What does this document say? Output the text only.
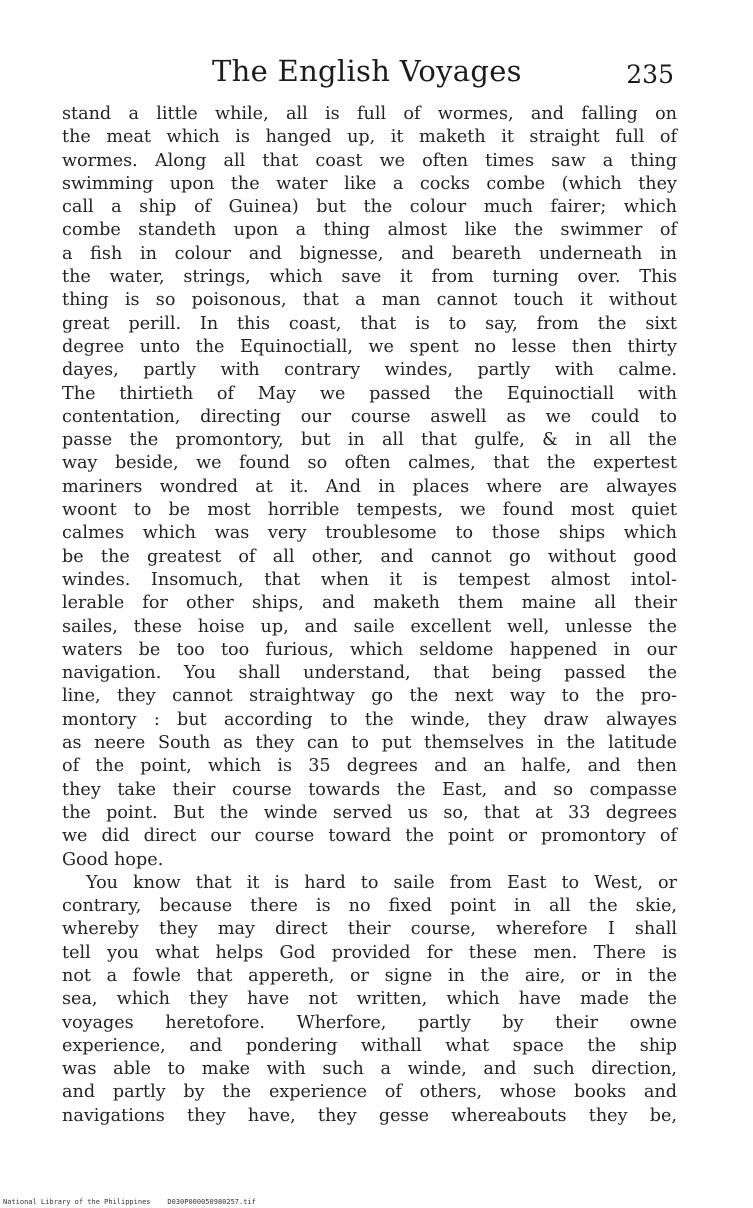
The English Voyages	235
stand a little while, all is full of wormes, and falling on
the meat which is hanged up, it maketh it straight full of
wormes. Along all that coast we often times saw a thing
swimming upon the water like a cocks combe (which they
call a ship of Guinea) but the colour much fairer; which
combe standeth upon a thing almost like the swimmer of
a fish in colour and bignesse, and beareth underneath in
the water, strings, which save it from turning over. This
thing is so poisonous, that a man cannot touch it without
great perill. In this coast, that is to say, from the sixt
degree unto the Equinoctiall, we spent no lesse then thirty
dayes, partly with contrary windes, partly with calme.
The thirtieth of May we passed the Equinoctiall with
contentation, directing our course aswell as we could to
passe the promontory, but in all that gulfe, & in all the
way beside, we found so often calmes, that the expertest
mariners wondred at it. And in places where are alwayes
woont to be most horrible tempests, we found most quiet
calmes which was very troublesome to those ships which
be the greatest of all other, and cannot go without good
windes. Insomuch, that when it is tempest almost intol-
lerable for other ships, and maketh them maine all their
sailes, these hoise up, and saile excellent well, unlesse the
waters be too too furious, which seldome happened in our
navigation. You shall understand, that being passed the
line, they cannot straightway go the next way to the pro-
montory : but according to the winde, they draw alwayes
as neere South as they can to put themselves in the latitude
of the point, which is 35 degrees and an halfe, and then
they take their course towards the East, and so compasse
the point. But the winde served us so, that at 33 degrees
we did direct our course toward the point or promontory of
Good hope.
You know that it is hard to saile from East to West, or
contrary, because there is no fixed point in all the skie,
whereby they may direct their course, wherefore I shall
tell you what helps God provided for these men. There is
not a fowle that appereth, or signe in the aire, or in the
sea, which they have not written, which have made the
voyages heretofore. Wherfore, partly by their owne
experience, and pondering withall what space the ship
was able to make with such a winde, and such direction,
and partly by the experience of others, whose books and
navigations they have, they gesse whereabouts they be,
National Library of the Philippines D030P000050980257.tif
